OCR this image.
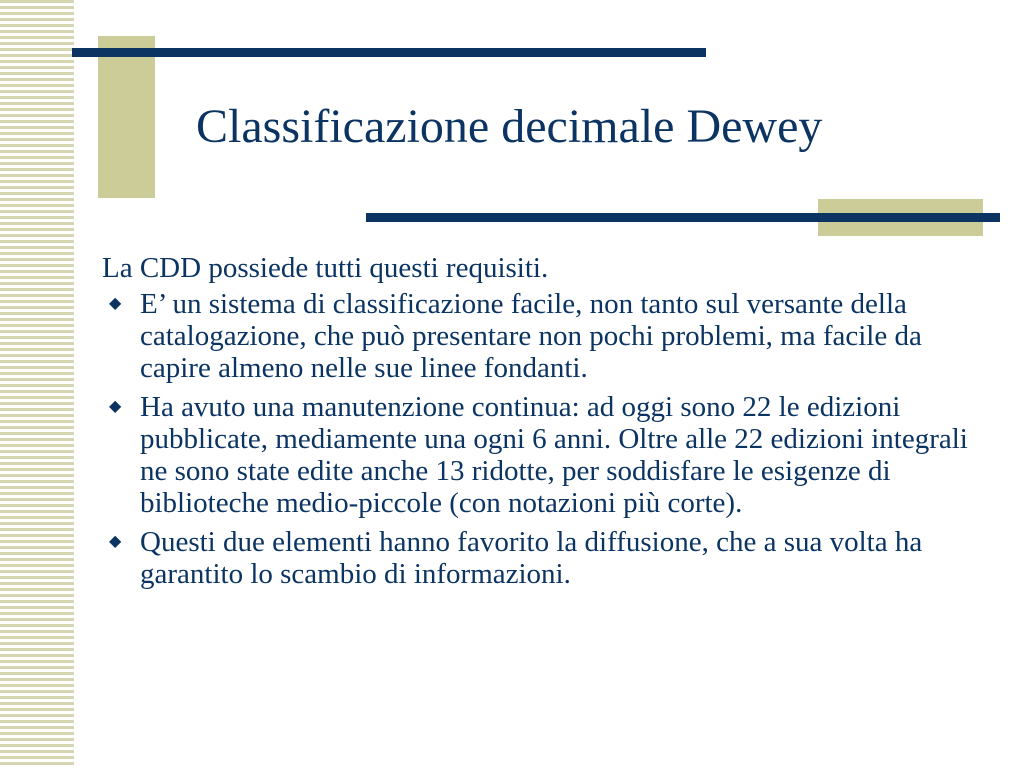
Classificazione decimale Dewey

La CDD possiede tutti questi requisiti.

◆ E’ un sistema di classificazione facile, non tanto sul versante della catalogazione, che può presentare non pochi problemi, ma facile da capire almeno nelle sue linee fondanti.
◆ Ha avuto una manutenzione continua: ad oggi sono 22 le edizioni pubblicate, mediamente una ogni 6 anni. Oltre alle 22 edizioni integrali ne sono state edite anche 13 ridotte, per soddisfare le esigenze di biblioteche medio-piccole (con notazioni più corte).
◆ Questi due elementi hanno favorito la diffusione, che a sua volta ha garantito lo scambio di informazioni.
